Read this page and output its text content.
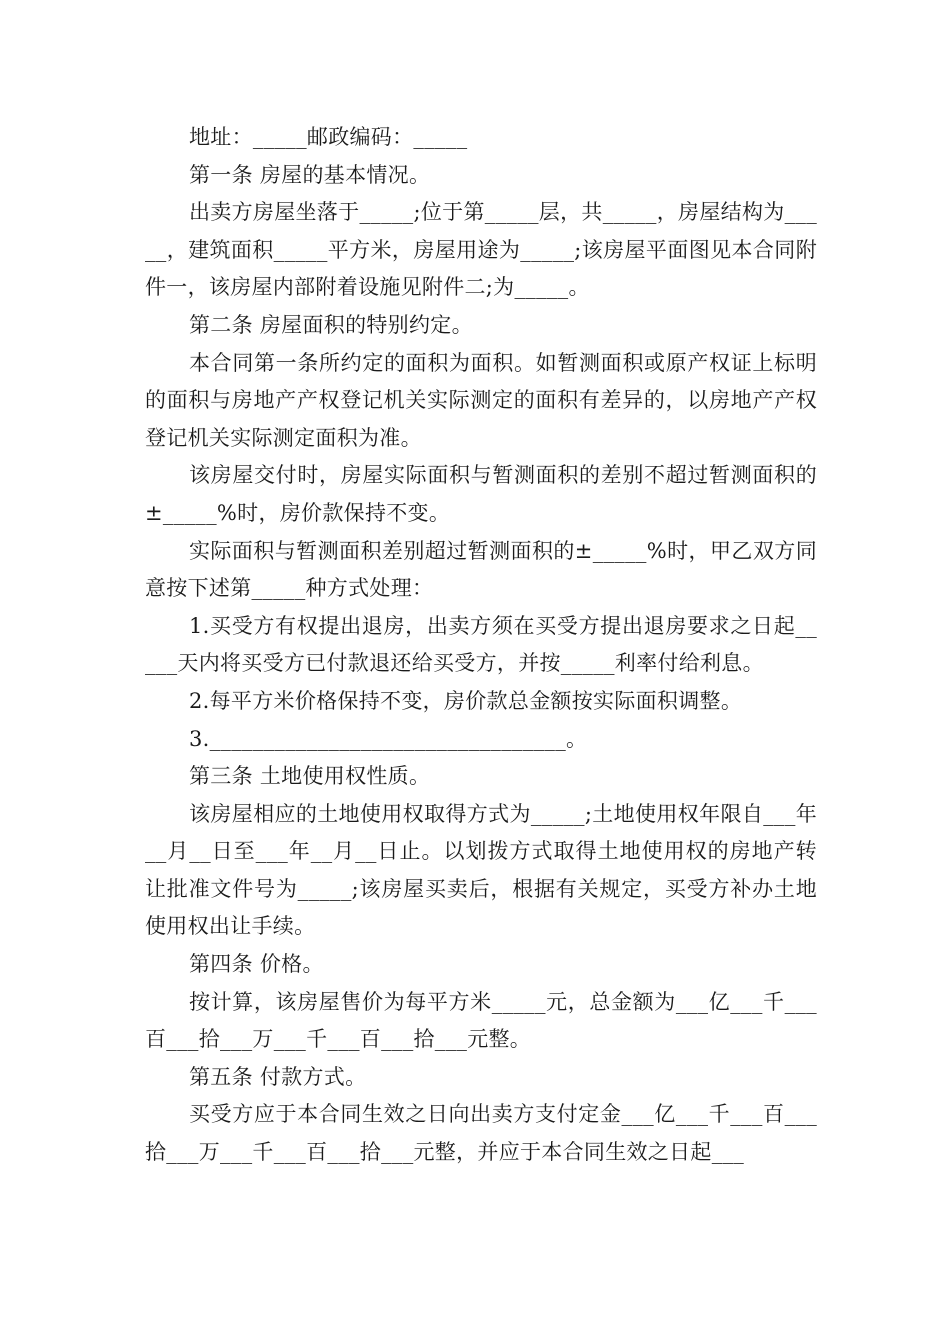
地址：_____邮政编码：_____

第一条 房屋的基本情况。

出卖方房屋坐落于_____;位于第_____层，共_____，房屋结构为_____，建筑面积_____平方米，房屋用途为_____;该房屋平面图见本合同附件一，该房屋内部附着设施见附件二;为_____。

第二条 房屋面积的特别约定。

本合同第一条所约定的面积为面积。如暂测面积或原产权证上标明的面积与房地产产权登记机关实际测定的面积有差异的，以房地产产权登记机关实际测定面积为准。

该房屋交付时，房屋实际面积与暂测面积的差别不超过暂测面积的±_____%时，房价款保持不变。

实际面积与暂测面积差别超过暂测面积的±_____%时，甲乙双方同意按下述第_____种方式处理：

1.买受方有权提出退房，出卖方须在买受方提出退房要求之日起_____天内将买受方已付款退还给买受方，并按_____利率付给利息。

2.每平方米价格保持不变，房价款总金额按实际面积调整。

3._________________________________。

第三条 土地使用权性质。

该房屋相应的土地使用权取得方式为_____;土地使用权年限自___年__月__日至___年__月__日止。以划拨方式取得土地使用权的房地产转让批准文件号为_____;该房屋买卖后，根据有关规定，买受方补办土地使用权出让手续。

第四条 价格。

按计算，该房屋售价为每平方米_____元，总金额为___亿___千___百___拾___万___千___百___拾___元整。

第五条 付款方式。

买受方应于本合同生效之日向出卖方支付定金___亿___千___百___拾___万___千___百___拾___元整，并应于本合同生效之日起___
